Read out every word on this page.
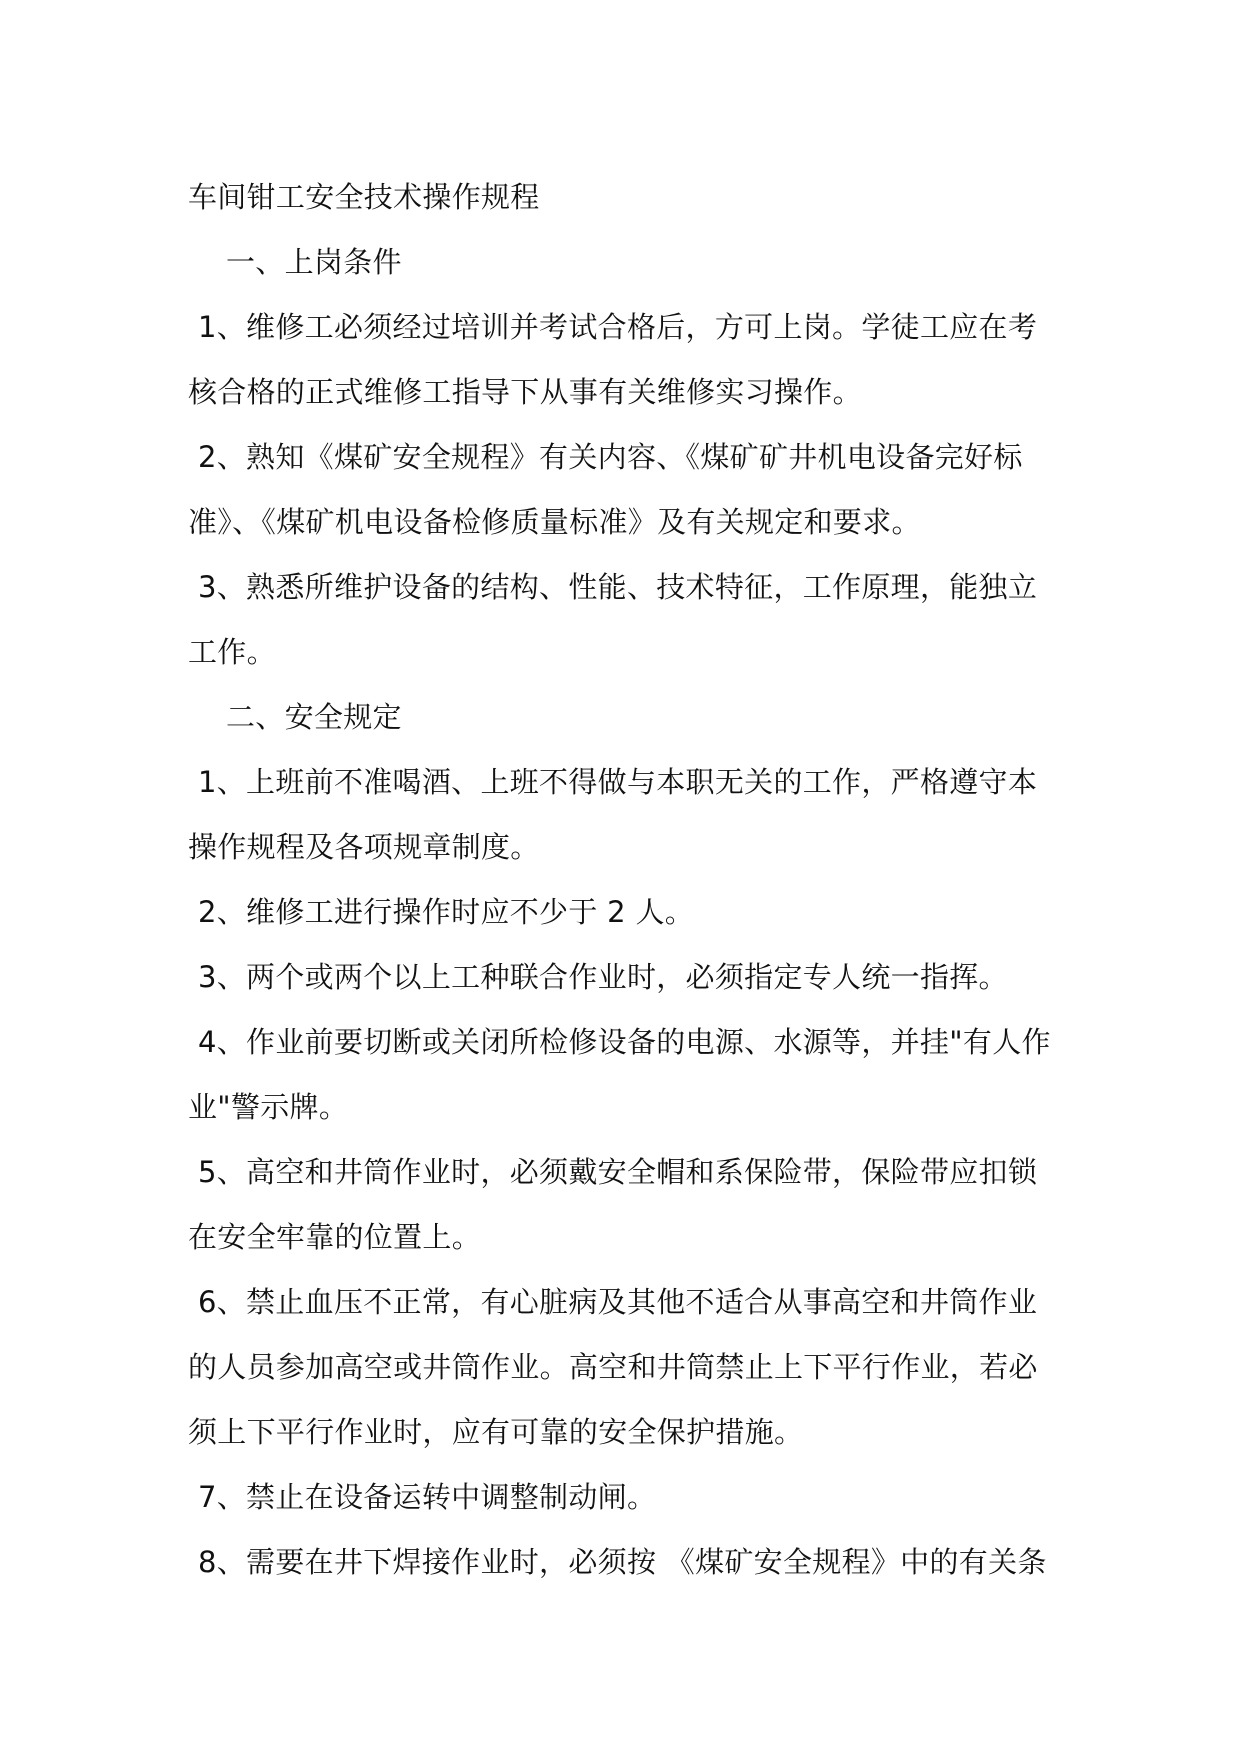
车间钳工安全技术操作规程
一、上岗条件
1、维修工必须经过培训并考试合格后，方可上岗。学徒工应在考
核合格的正式维修工指导下从事有关维修实习操作。
2、熟知《煤矿安全规程》有关内容、《煤矿矿井机电设备完好标
准》、《煤矿机电设备检修质量标准》及有关规定和要求。
3、熟悉所维护设备的结构、性能、技术特征，工作原理，能独立
工作。
二、安全规定
1、上班前不准喝酒、上班不得做与本职无关的工作，严格遵守本
操作规程及各项规章制度。
2、维修工进行操作时应不少于 2 人。
3、两个或两个以上工种联合作业时，必须指定专人统一指挥。
4、作业前要切断或关闭所检修设备的电源、水源等，并挂"有人作
业"警示牌。
5、高空和井筒作业时，必须戴安全帽和系保险带，保险带应扣锁
在安全牢靠的位置上。
6、禁止血压不正常，有心脏病及其他不适合从事高空和井筒作业
的人员参加高空或井筒作业。高空和井筒禁止上下平行作业，若必
须上下平行作业时，应有可靠的安全保护措施。
7、禁止在设备运转中调整制动闸。
8、需要在井下焊接作业时，必须按 《煤矿安全规程》中的有关条
